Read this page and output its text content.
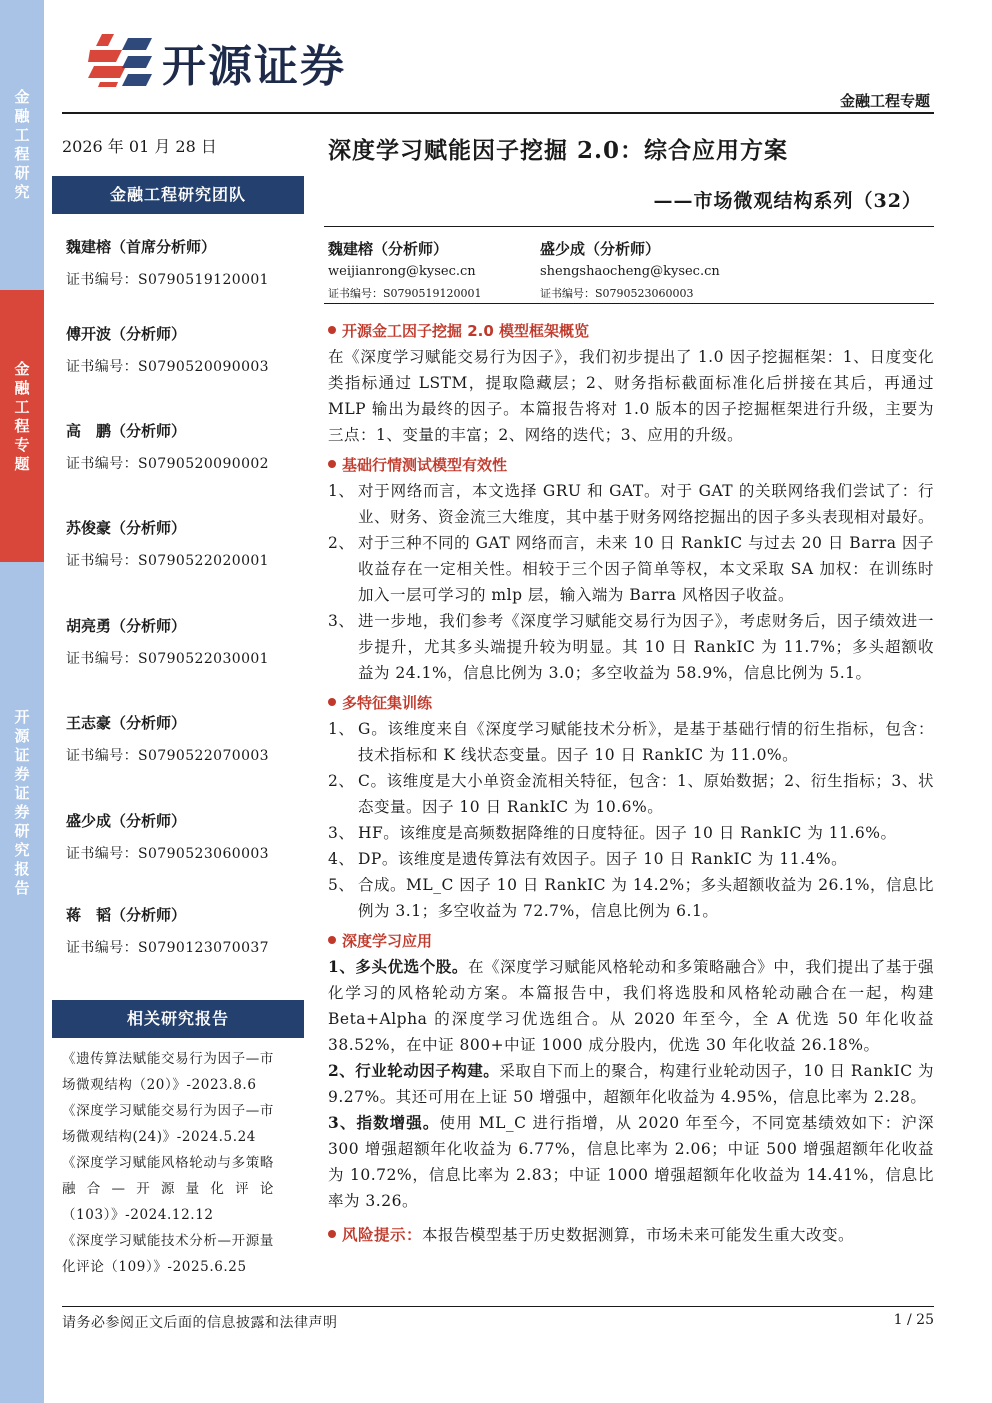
金融工程研究
金融工程专题
开源证券 证券研究报告
开源证券
金融工程专题
2026 年 01 月 28 日
金融工程研究团队
魏建榕（首席分析师）
证书编号：S0790519120001
傅开波（分析师）
证书编号：S0790520090003
高　鹏（分析师）
证书编号：S0790520090002
苏俊豪（分析师）
证书编号：S0790522020001
胡亮勇（分析师）
证书编号：S0790522030001
王志豪（分析师）
证书编号：S0790522070003
盛少成（分析师）
证书编号：S0790523060003
蒋　韬（分析师）
证书编号：S0790123070037
相关研究报告
《遗传算法赋能交易行为因子—市场微观结构（20）》-2023.8.6
《深度学习赋能交易行为因子—市场微观结构(24)》-2024.5.24
《深度学习赋能风格轮动与多策略融合—开源量化评论（103）》-2024.12.12
《深度学习赋能技术分析—开源量化评论（109）》-2025.6.25
深度学习赋能因子挖掘 2.0：综合应用方案
——市场微观结构系列（32）
魏建榕（分析师）
weijianrong@kysec.cn
证书编号：S0790519120001
盛少成（分析师）
shengshaocheng@kysec.cn
证书编号：S0790523060003
开源金工因子挖掘 2.0 模型框架概览
在《深度学习赋能交易行为因子》，我们初步提出了 1.0 因子挖掘框架：1、日度变化类指标通过 LSTM，提取隐藏层；2、财务指标截面标准化后拼接在其后，再通过 MLP 输出为最终的因子。本篇报告将对 1.0 版本的因子挖掘框架进行升级，主要为三点：1、变量的丰富；2、网络的迭代；3、应用的升级。
基础行情测试模型有效性
1、 对于网络而言，本文选择 GRU 和 GAT。对于 GAT 的关联网络我们尝试了：行业、财务、资金流三大维度，其中基于财务网络挖掘出的因子多头表现相对最好。
2、 对于三种不同的 GAT 网络而言，未来 10 日 RankIC 与过去 20 日 Barra 因子收益存在一定相关性。相较于三个因子简单等权，本文采取 SA 加权：在训练时加入一层可学习的 mlp 层，输入端为 Barra 风格因子收益。
3、 进一步地，我们参考《深度学习赋能交易行为因子》，考虑财务后，因子绩效进一步提升，尤其多头端提升较为明显。其 10 日 RankIC 为 11.7%；多头超额收益为 24.1%，信息比例为 3.0；多空收益为 58.9%，信息比例为 5.1。
多特征集训练
1、 G。该维度来自《深度学习赋能技术分析》，是基于基础行情的衍生指标，包含：技术指标和 K 线状态变量。因子 10 日 RankIC 为 11.0%。
2、 C。该维度是大小单资金流相关特征，包含：1、原始数据；2、衍生指标；3、状态变量。因子 10 日 RankIC 为 10.6%。
3、 HF。该维度是高频数据降维的日度特征。因子 10 日 RankIC 为 11.6%。
4、 DP。该维度是遗传算法有效因子。因子 10 日 RankIC 为 11.4%。
5、 合成。ML_C 因子 10 日 RankIC 为 14.2%；多头超额收益为 26.1%，信息比例为 3.1；多空收益为 72.7%，信息比例为 6.1。
深度学习应用
1、多头优选个股。在《深度学习赋能风格轮动和多策略融合》中，我们提出了基于强化学习的风格轮动方案。本篇报告中，我们将选股和风格轮动融合在一起，构建 Beta+Alpha 的深度学习优选组合。从 2020 年至今，全 A 优选 50 年化收益 38.52%，在中证 800+中证 1000 成分股内，优选 30 年化收益 26.18%。
2、行业轮动因子构建。采取自下而上的聚合，构建行业轮动因子，10 日 RankIC 为 9.27%。其还可用在上证 50 增强中，超额年化收益为 4.95%，信息比率为 2.28。
3、指数增强。使用 ML_C 进行指增，从 2020 年至今，不同宽基绩效如下：沪深 300 增强超额年化收益为 6.77%，信息比率为 2.06；中证 500 增强超额年化收益为 10.72%，信息比率为 2.83；中证 1000 增强超额年化收益为 14.41%，信息比率为 3.26。
风险提示：本报告模型基于历史数据测算，市场未来可能发生重大改变。
请务必参阅正文后面的信息披露和法律声明	1 / 25
